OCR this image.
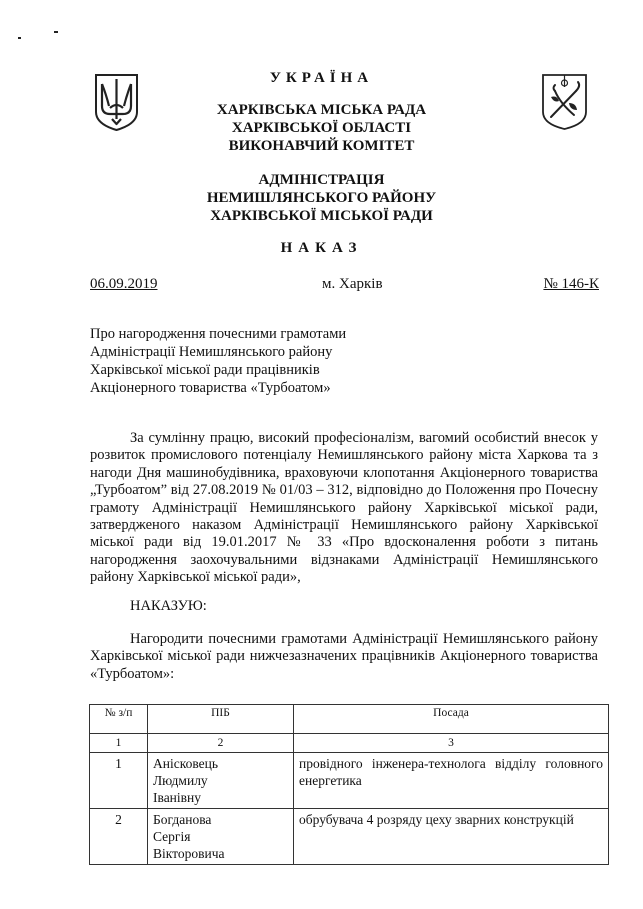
УКРАЇНА
ХАРКІВСЬКА МІСЬКА РАДА
ХАРКІВСЬКОЇ ОБЛАСТІ
ВИКОНАВЧИЙ КОМІТЕТ
АДМІНІСТРАЦІЯ
НЕМИШЛЯНСЬКОГО РАЙОНУ
ХАРКІВСЬКОЇ МІСЬКОЇ РАДИ
НАКАЗ
06.09.2019	м. Харків	№ 146-К
Про нагородження почесними грамотами
Адміністрації Немишлянського району
Харківської міської ради працівників
Акціонерного товариства «Турбоатом»
За сумлінну працю, високий професіоналізм, вагомий особистий внесок у розвиток промислового потенціалу Немишлянського району міста Харкова та з нагоди Дня машинобудівника, враховуючи клопотання Акціонерного товариства „Турбоатом” від 27.08.2019 № 01/03 – 312, відповідно до Положення про Почесну грамоту Адміністрації Немишлянського району Харківської міської ради, затвердженого наказом Адміністрації Немишлянського району Харківської міської ради від 19.01.2017 № 33 «Про вдосконалення роботи з питань нагородження заохочувальними відзнаками Адміністрації Немишлянського району Харківської міської ради»,
НАКАЗУЮ:
Нагородити почесними грамотами Адміністрації Немишлянського району Харківської міської ради нижчезазначених працівників Акціонерного товариства «Турбоатом»:
№ з/п	ПІБ	Посада
1	2	3
1	Анісковець
Людмилу
Іванівну	провідного інженера-технолога відділу головного енергетика
2	Богданова
Сергія
Вікторовича	обрубувача 4 розряду цеху зварних конструкцій
